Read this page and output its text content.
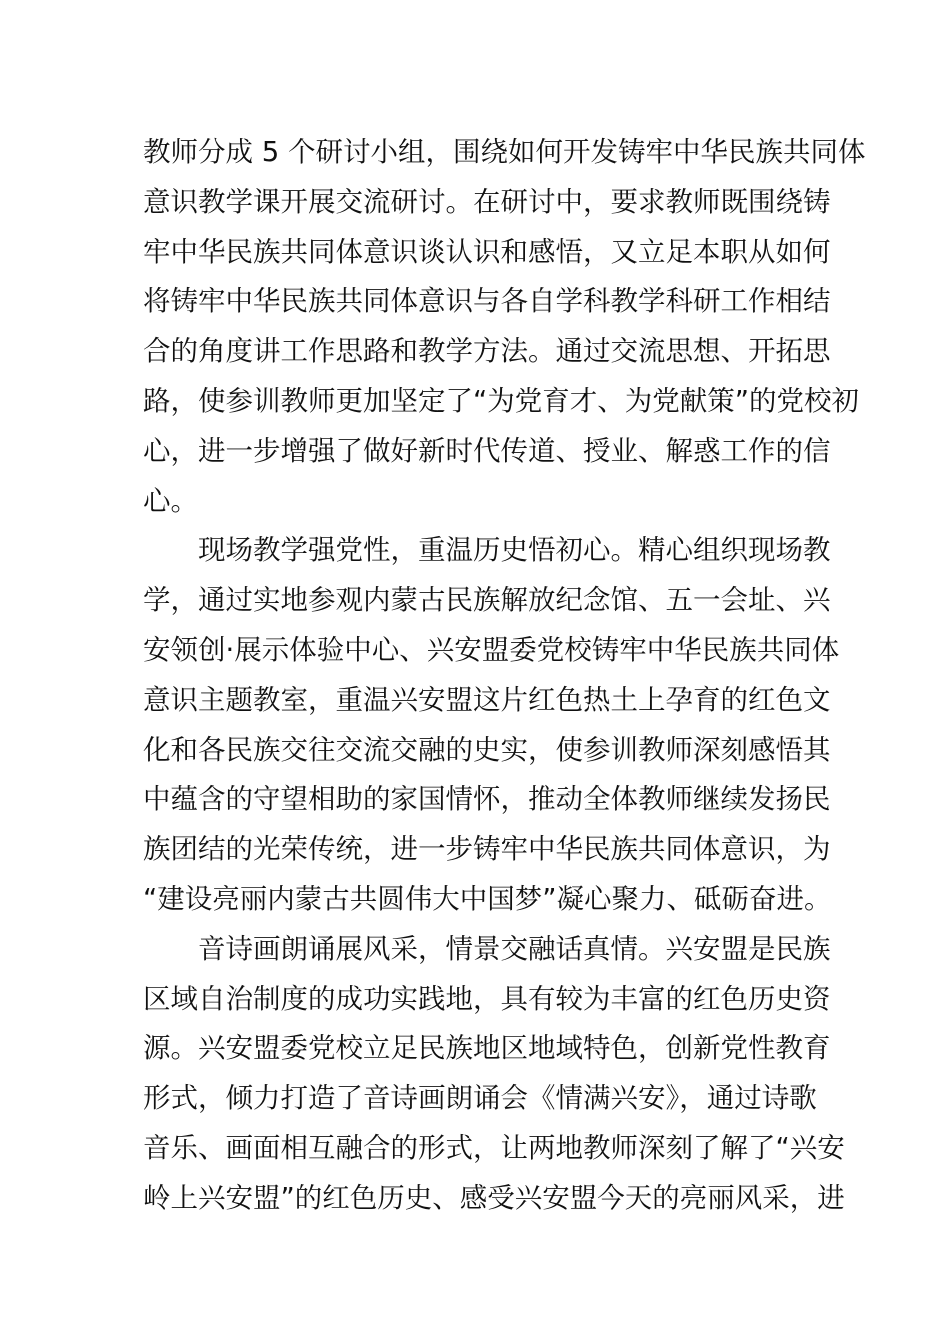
教师分成 5 个研讨小组，围绕如何开发铸牢中华民族共同体
意识教学课开展交流研讨。在研讨中，要求教师既围绕铸
牢中华民族共同体意识谈认识和感悟，又立足本职从如何
将铸牢中华民族共同体意识与各自学科教学科研工作相结
合的角度讲工作思路和教学方法。通过交流思想、开拓思
路，使参训教师更加坚定了“为党育才、为党献策”的党校初
心，进一步增强了做好新时代传道、授业、解惑工作的信
心。
现场教学强党性，重温历史悟初心。精心组织现场教
学，通过实地参观内蒙古民族解放纪念馆、五一会址、兴
安领创·展示体验中心、兴安盟委党校铸牢中华民族共同体
意识主题教室，重温兴安盟这片红色热土上孕育的红色文
化和各民族交往交流交融的史实，使参训教师深刻感悟其
中蕴含的守望相助的家国情怀，推动全体教师继续发扬民
族团结的光荣传统，进一步铸牢中华民族共同体意识，为
“建设亮丽内蒙古共圆伟大中国梦”凝心聚力、砥砺奋进。
音诗画朗诵展风采，情景交融话真情。兴安盟是民族
区域自治制度的成功实践地，具有较为丰富的红色历史资
源。兴安盟委党校立足民族地区地域特色，创新党性教育
形式，倾力打造了音诗画朗诵会《情满兴安》，通过诗歌
音乐、画面相互融合的形式，让两地教师深刻了解了“兴安
岭上兴安盟”的红色历史、感受兴安盟今天的亮丽风采，进
